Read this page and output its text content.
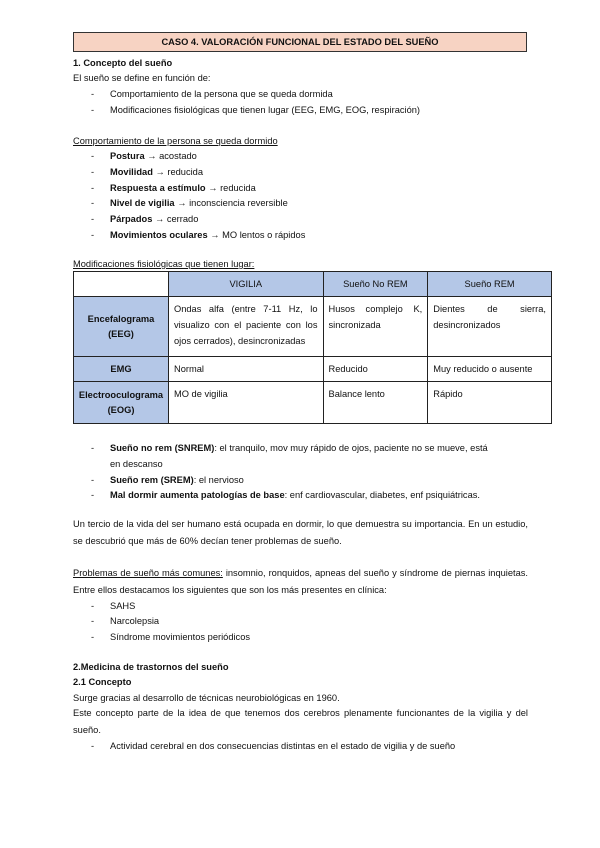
CASO 4. VALORACIÓN FUNCIONAL DEL ESTADO DEL SUEÑO
1. Concepto del sueño
El sueño se define en función de:
- Comportamiento de la persona que se queda dormida
- Modificaciones fisiológicas que tienen lugar (EEG, EMG, EOG, respiración)
Comportamiento de la persona se queda dormido
- Postura → acostado
- Movilidad → reducida
- Respuesta a estímulo → reducida
- Nivel de vigilia → inconsciencia reversible
- Párpados → cerrado
- Movimientos oculares → MO lentos o rápidos
Modificaciones fisiológicas que tienen lugar:
	VIGILIA	Sueño No REM	Sueño REM
Encefalograma (EEG)	Ondas alfa (entre 7-11 Hz, lo visualizo con el paciente con los ojos cerrados), desincronizadas	Husos complejo K, sincronizada	Dientes de sierra, desincronizados
EMG	Normal	Reducido	Muy reducido o ausente
Electrooculograma (EOG)	MO de vigilia	Balance lento	Rápido
- Sueño no rem (SNREM): el tranquilo, mov muy rápido de ojos, paciente no se mueve, está
en descanso
- Sueño rem (SREM): el nervioso
- Mal dormir aumenta patologías de base: enf cardiovascular, diabetes, enf psiquiátricas.
Un tercio de la vida del ser humano está ocupada en dormir, lo que demuestra su importancia. En un estudio, se descubrió que más de 60% decían tener problemas de sueño.
Problemas de sueño más comunes: insomnio, ronquidos, apneas del sueño y síndrome de piernas inquietas. Entre ellos destacamos los siguientes que son los más presentes en clínica:
- SAHS
- Narcolepsia
- Síndrome movimientos periódicos
2.Medicina de trastornos del sueño
2.1 Concepto
Surge gracias al desarrollo de técnicas neurobiológicas en 1960.
Este concepto parte de la idea de que tenemos dos cerebros plenamente funcionantes de la vigilia y del sueño.
- Actividad cerebral en dos consecuencias distintas en el estado de vigilia y de sueño
